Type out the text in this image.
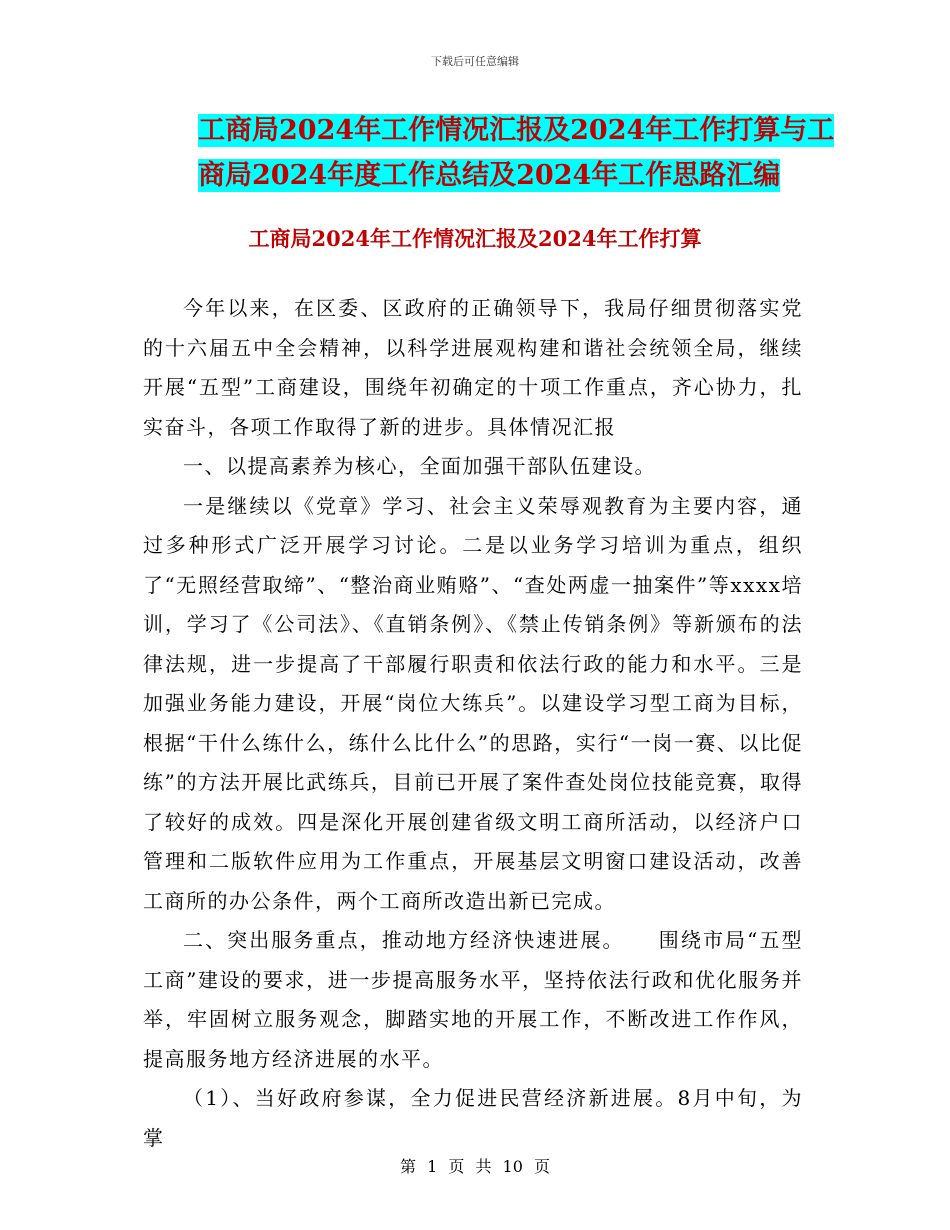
下载后可任意编辑
工商局2024年工作情况汇报及2024年工作打算与工
商局2024年度工作总结及2024年工作思路汇编
工商局2024年工作情况汇报及2024年工作打算

今年以来，在区委、区政府的正确领导下，我局仔细贯彻落实党的十六届五中全会精神，以科学进展观构建和谐社会统领全局，继续开展“五型”工商建设，围绕年初确定的十项工作重点，齐心协力，扎实奋斗，各项工作取得了新的进步。具体情况汇报

一、以提高素养为核心，全面加强干部队伍建设。

一是继续以《党章》学习、社会主义荣辱观教育为主要内容，通过多种形式广泛开展学习讨论。二是以业务学习培训为重点，组织了“无照经营取缔”、“整治商业贿赂”、“查处两虚一抽案件”等xxxx培训，学习了《公司法》、《直销条例》、《禁止传销条例》等新颁布的法律法规，进一步提高了干部履行职责和依法行政的能力和水平。三是加强业务能力建设，开展“岗位大练兵”。以建设学习型工商为目标，根据“干什么练什么，练什么比什么”的思路，实行“一岗一赛、以比促练”的方法开展比武练兵，目前已开展了案件查处岗位技能竞赛，取得了较好的成效。四是深化开展创建省级文明工商所活动，以经济户口管理和二版软件应用为工作重点，开展基层文明窗口建设活动，改善工商所的办公条件，两个工商所改造出新已完成。

二、突出服务重点，推动地方经济快速进展。　　围绕市局“五型工商”建设的要求，进一步提高服务水平，坚持依法行政和优化服务并举，牢固树立服务观念，脚踏实地的开展工作，不断改进工作作风，提高服务地方经济进展的水平。

（1）、当好政府参谋，全力促进民营经济新进展。8月中旬，为掌

第 1 页 共 10 页
